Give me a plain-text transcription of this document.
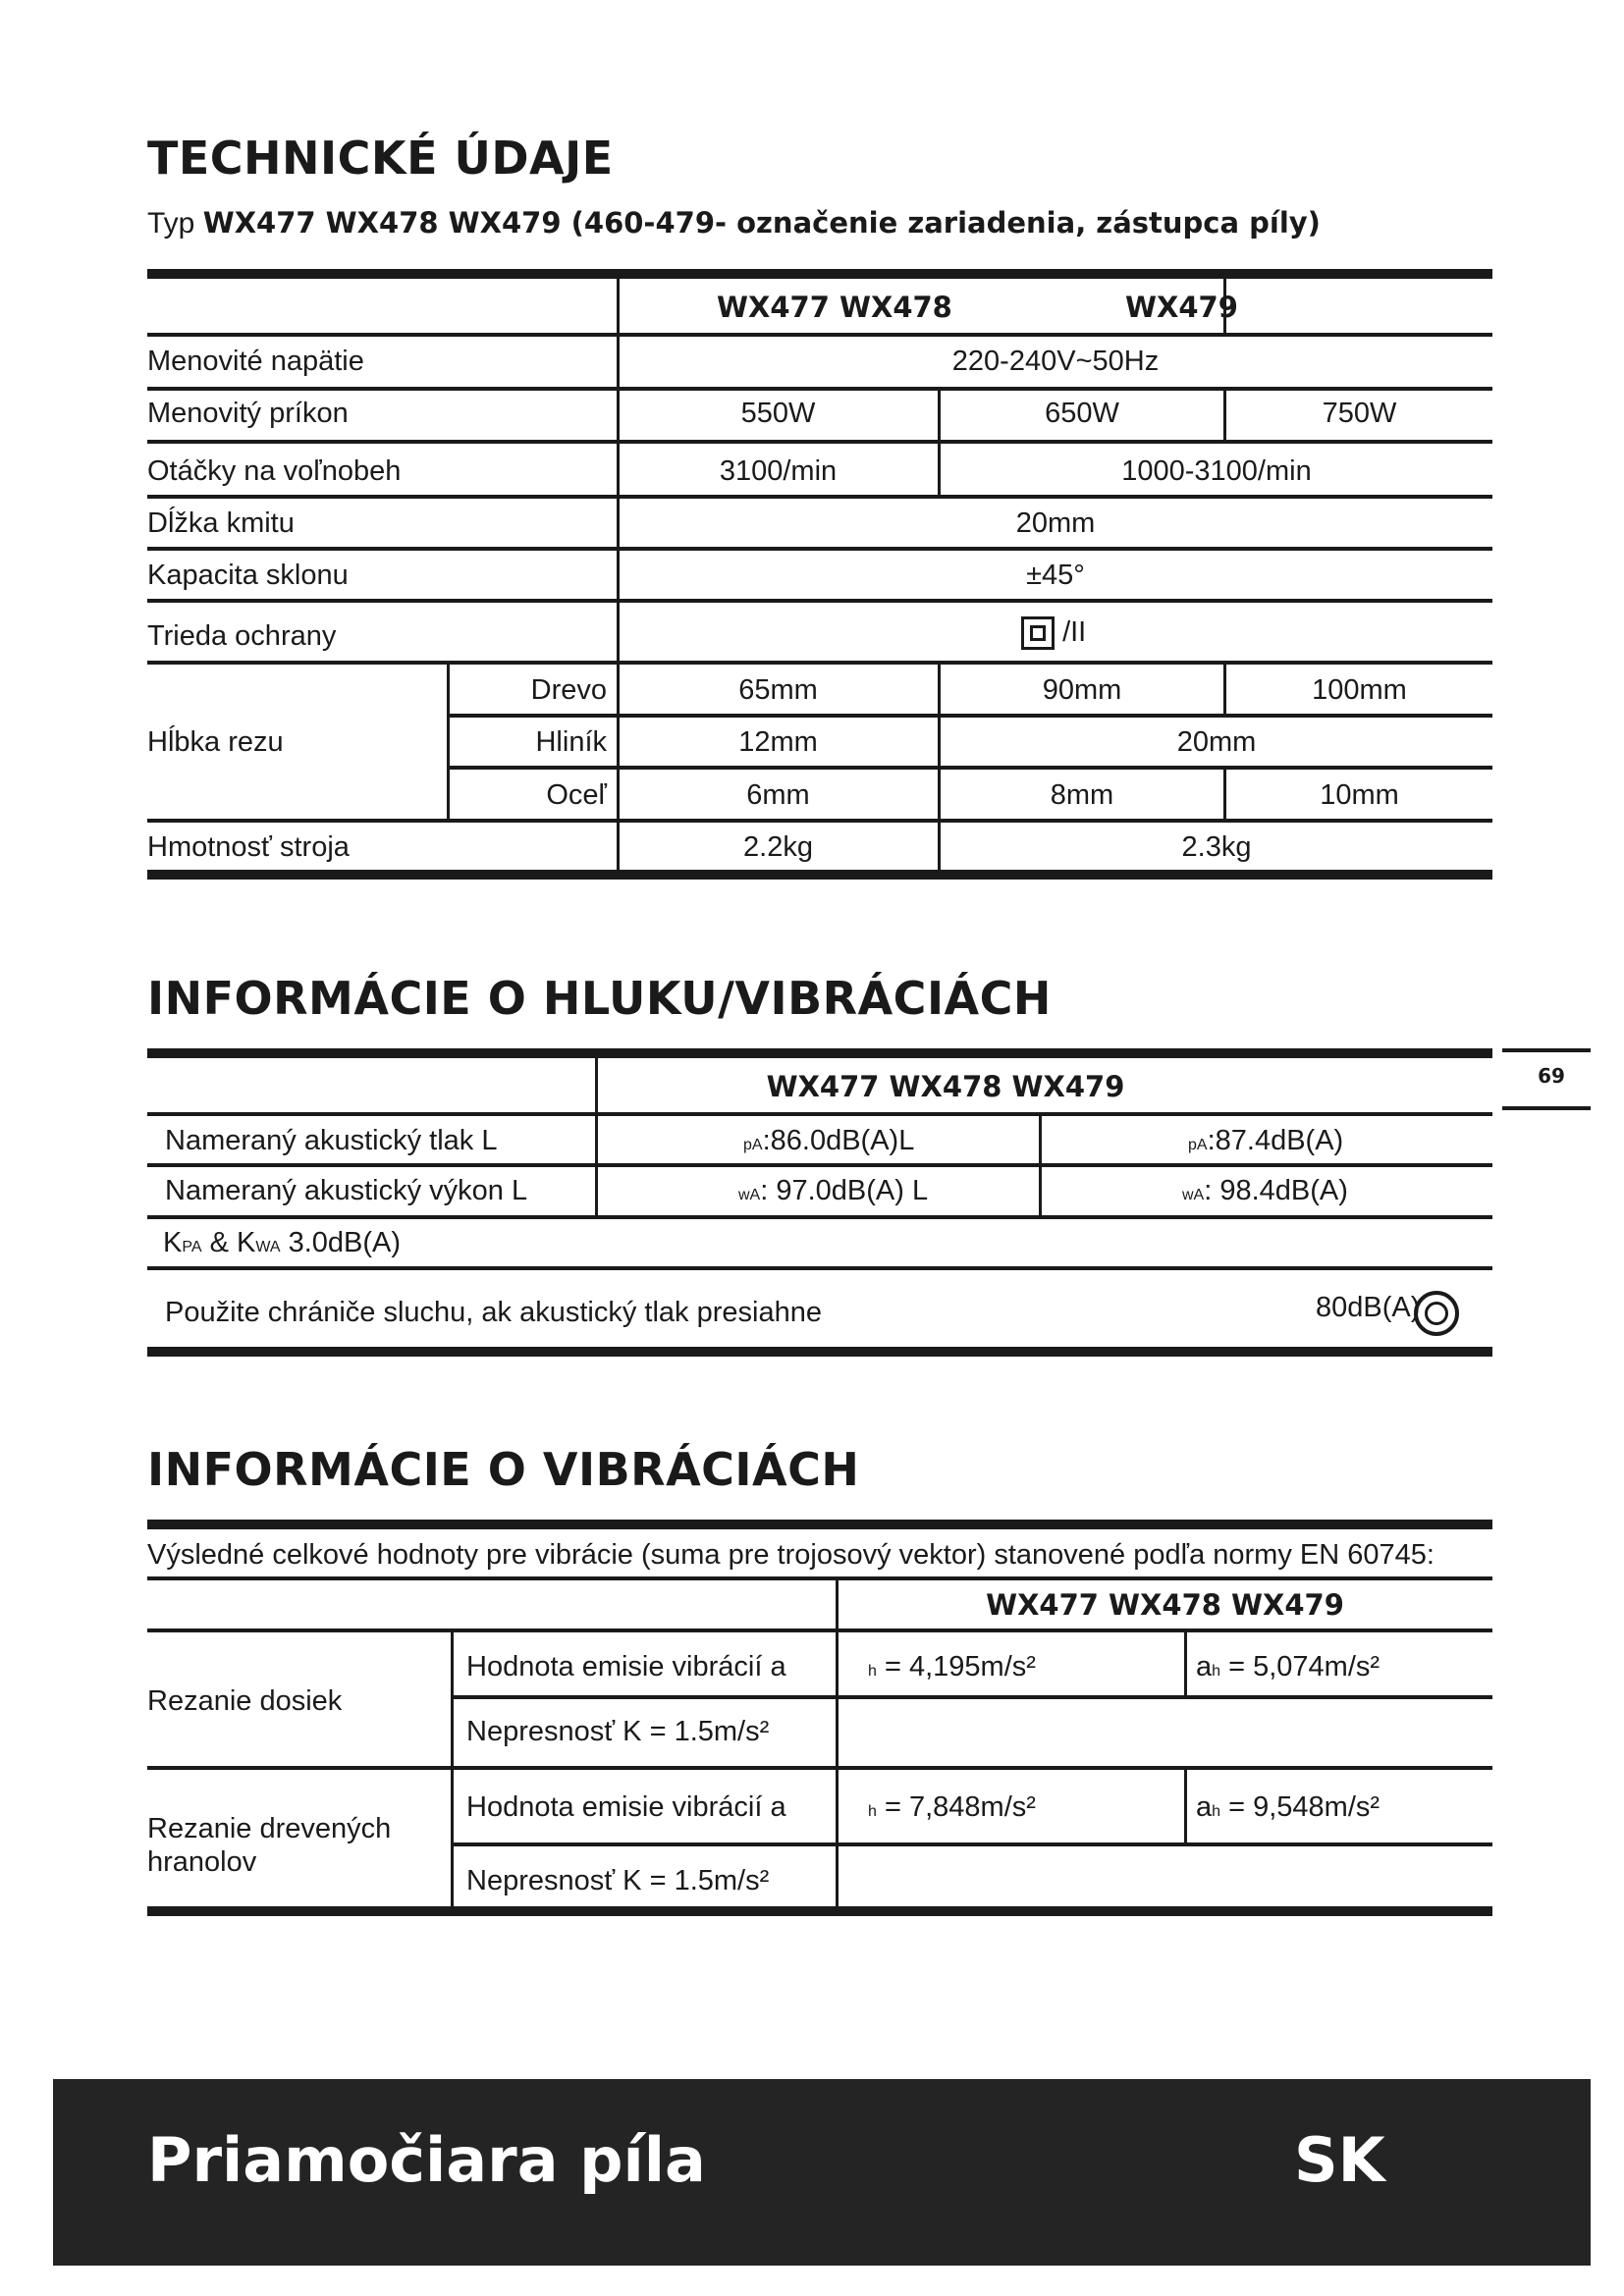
TECHNICKÉ ÚDAJE
Typ WX477 WX478 WX479 (460-479- označenie zariadenia, zástupca píly)
WX477 WX478	WX479
Menovité napätie	220-240V~50Hz
Menovitý príkon	550W	650W	750W
Otáčky na voľnobeh	3100/min	1000-3100/min
Dĺžka kmitu	20mm
Kapacita sklonu	±45°
Trieda ochrany	/II
Hĺbka rezu
Drevo	65mm	90mm	100mm
Hliník	12mm	20mm
Oceľ	6mm	8mm	10mm
Hmotnosť stroja	2.2kg	2.3kg
INFORMÁCIE O HLUKU/VIBRÁCIÁCH
WX477 WX478 WX479
Nameraný akustický tlak L	pA:86.0dB(A)L	pA:87.4dB(A)
Nameraný akustický výkon L	wA: 97.0dB(A) L	wA: 98.4dB(A)
KPA & KWA 3.0dB(A)
Použite chrániče sluchu, ak akustický tlak presiahne	80dB(A)
69
INFORMÁCIE O VIBRÁCIÁCH
Výsledné celkové hodnoty pre vibrácie (suma pre trojosový vektor) stanovené podľa normy EN 60745:
WX477 WX478 WX479
Rezanie dosiek
Hodnota emisie vibrácií a	h = 4,195m/s²	ah = 5,074m/s²
Nepresnosť K = 1.5m/s²
Rezanie drevených hranolov
Hodnota emisie vibrácií a	h = 7,848m/s²	ah = 9,548m/s²
Nepresnosť K = 1.5m/s²
Priamočiara píla	SK
